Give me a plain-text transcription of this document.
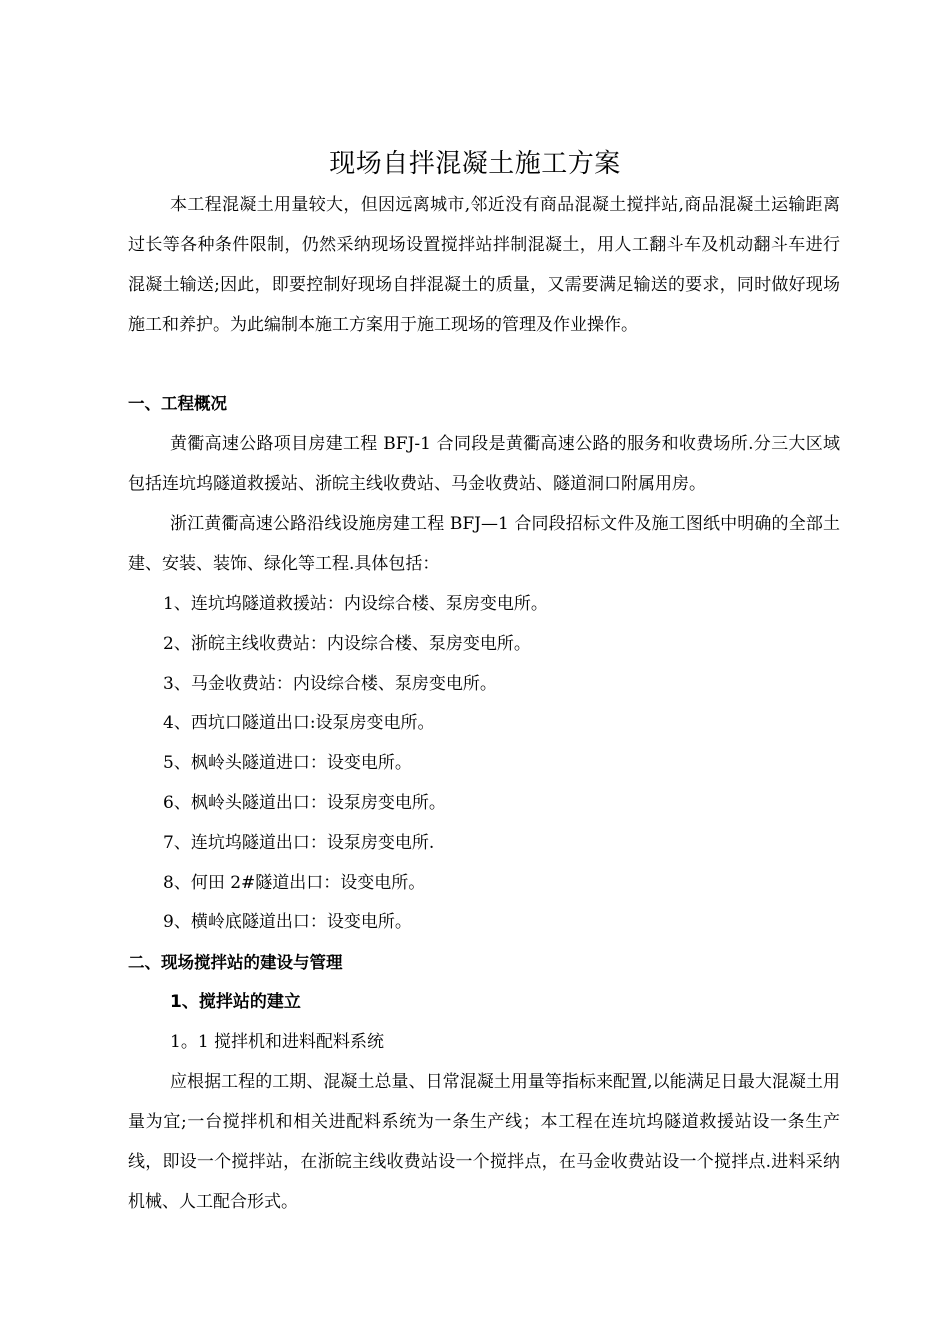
现场自拌混凝土施工方案
本工程混凝土用量较大，但因远离城市,邻近没有商品混凝土搅拌站,商品混凝土运输距离过长等各种条件限制，仍然采纳现场设置搅拌站拌制混凝土，用人工翻斗车及机动翻斗车进行混凝土输送;因此，即要控制好现场自拌混凝土的质量，又需要满足输送的要求，同时做好现场施工和养护。为此编制本施工方案用于施工现场的管理及作业操作。
一、工程概况
黄衢高速公路项目房建工程 BFJ-1 合同段是黄衢高速公路的服务和收费场所.分三大区域包括连坑坞隧道救援站、浙皖主线收费站、马金收费站、隧道洞口附属用房。
浙江黄衢高速公路沿线设施房建工程 BFJ—1 合同段招标文件及施工图纸中明确的全部土建、安装、装饰、绿化等工程.具体包括：
1、连坑坞隧道救援站：内设综合楼、泵房变电所。
2、浙皖主线收费站：内设综合楼、泵房变电所。
3、马金收费站：内设综合楼、泵房变电所。
4、西坑口隧道出口:设泵房变电所。
5、枫岭头隧道进口：设变电所。
6、枫岭头隧道出口：设泵房变电所。
7、连坑坞隧道出口：设泵房变电所.
8、何田 2#隧道出口：设变电所。
9、横岭底隧道出口：设变电所。
二、现场搅拌站的建设与管理
1、搅拌站的建立
1。1 搅拌机和进料配料系统
应根据工程的工期、混凝土总量、日常混凝土用量等指标来配置,以能满足日最大混凝土用量为宜;一台搅拌机和相关进配料系统为一条生产线；本工程在连坑坞隧道救援站设一条生产线，即设一个搅拌站，在浙皖主线收费站设一个搅拌点，在马金收费站设一个搅拌点.进料采纳机械、人工配合形式。
